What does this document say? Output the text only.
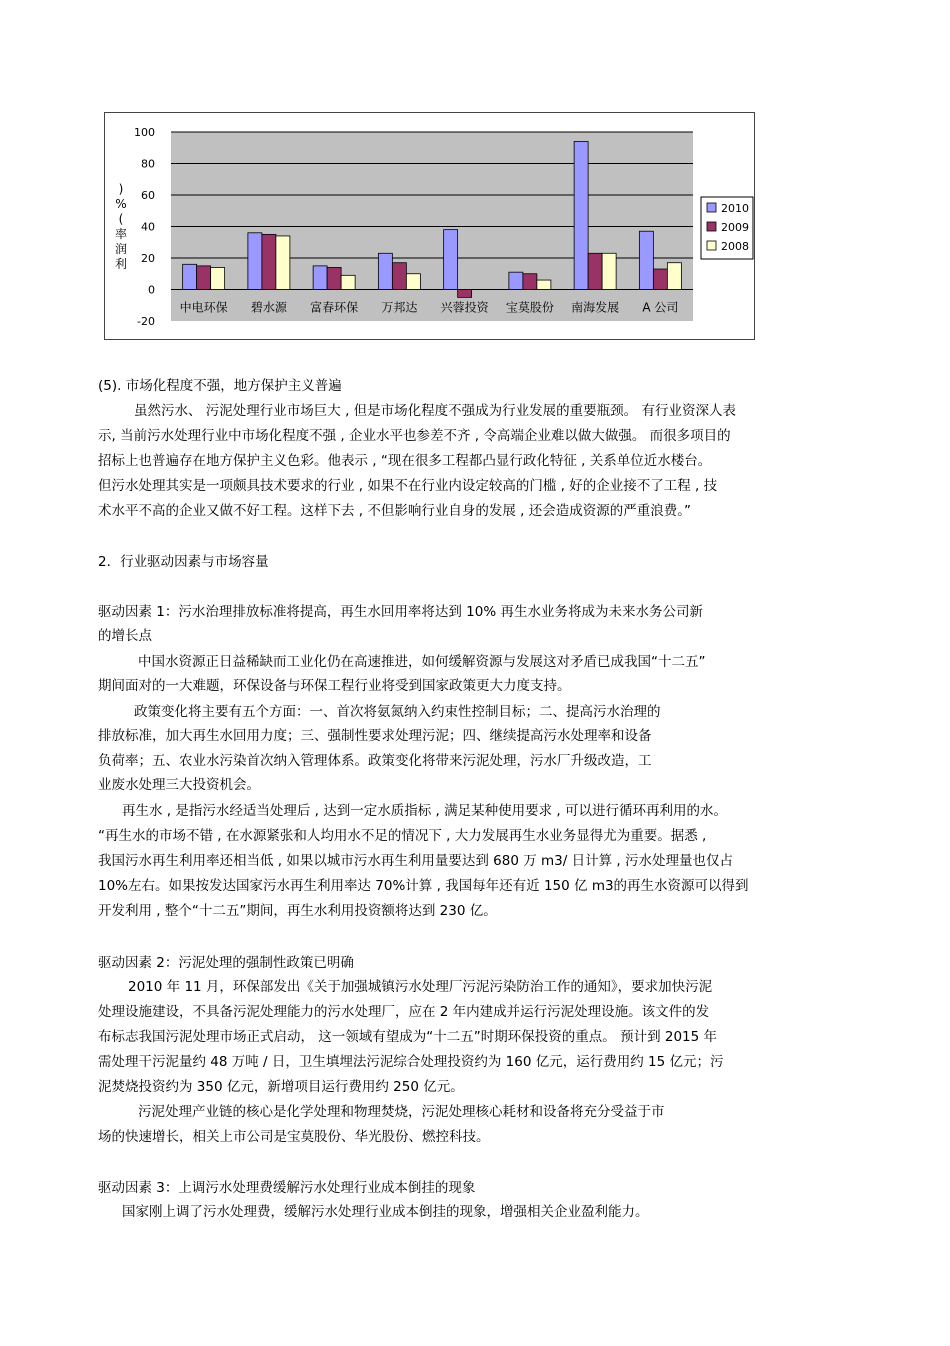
100
80
60
40
20
0
-20
)
%
(
率
润
利
中电环保 碧水源 富春环保 万邦达 兴蓉投资 宝莫股份 南海发展 A 公司
2010
2009
2008
(5). 市场化程度不强，地方保护主义普遍
虽然污水、 污泥处理行业市场巨大 , 但是市场化程度不强成为行业发展的重要瓶颈。 有行业资深人表
示, 当前污水处理行业中市场化程度不强 , 企业水平也参差不齐 , 令高端企业难以做大做强。 而很多项目的
招标上也普遍存在地方保护主义色彩。他表示 , “现在很多工程都凸显行政化特征 , 关系单位近水楼台。
但污水处理其实是一项颇具技术要求的行业 , 如果不在行业内设定较高的门槛 , 好的企业接不了工程 , 技
术水平不高的企业又做不好工程。这样下去 , 不但影响行业自身的发展 , 还会造成资源的严重浪费。”
2．行业驱动因素与市场容量
驱动因素 1：污水治理排放标准将提高，再生水回用率将达到 10% 再生水业务将成为未来水务公司新
的增长点
中国水资源正日益稀缺而工业化仍在高速推进，如何缓解资源与发展这对矛盾已成我国“十二五”
期间面对的一大难题，环保设备与环保工程行业将受到国家政策更大力度支持。
政策变化将主要有五个方面：一、首次将氨氮纳入约束性控制目标；二、提高污水治理的
排放标准，加大再生水回用力度；三、强制性要求处理污泥；四、继续提高污水处理率和设备
负荷率；五、农业水污染首次纳入管理体系。政策变化将带来污泥处理，污水厂升级改造，工
业废水处理三大投资机会。
再生水 , 是指污水经适当处理后 , 达到一定水质指标 , 满足某种使用要求 , 可以进行循环再利用的水。
“再生水的市场不错 , 在水源紧张和人均用水不足的情况下 , 大力发展再生水业务显得尤为重要。据悉 ,
我国污水再生利用率还相当低 , 如果以城市污水再生利用量要达到 680 万 m3/ 日计算 , 污水处理量也仅占
10%左右。如果按发达国家污水再生利用率达 70%计算 , 我国每年还有近 150 亿 m3的再生水资源可以得到
开发利用 , 整个“十二五”期间，再生水利用投资额将达到 230 亿。
驱动因素 2：污泥处理的强制性政策已明确
2010 年 11 月，环保部发出《关于加强城镇污水处理厂污泥污染防治工作的通知》，要求加快污泥
处理设施建设，不具备污泥处理能力的污水处理厂，应在 2 年内建成并运行污泥处理设施。该文件的发
布标志我国污泥处理市场正式启动， 这一领域有望成为“十二五”时期环保投资的重点。 预计到 2015 年
需处理干污泥量约 48 万吨 / 日，卫生填埋法污泥综合处理投资约为 160 亿元，运行费用约 15 亿元；污
泥焚烧投资约为 350 亿元，新增项目运行费用约 250 亿元。
污泥处理产业链的核心是化学处理和物理焚烧，污泥处理核心耗材和设备将充分受益于市
场的快速增长，相关上市公司是宝莫股份、华光股份、燃控科技。
驱动因素 3：上调污水处理费缓解污水处理行业成本倒挂的现象
国家刚上调了污水处理费，缓解污水处理行业成本倒挂的现象，增强相关企业盈利能力。
